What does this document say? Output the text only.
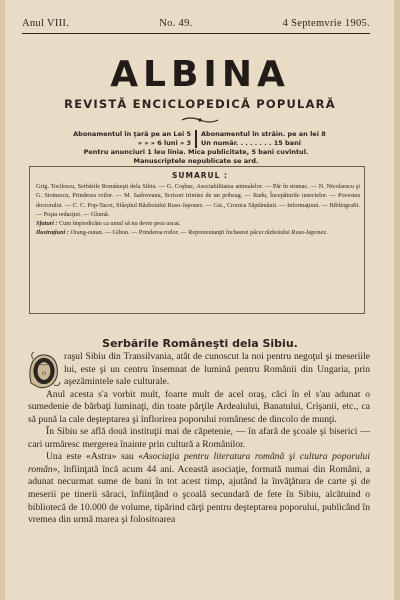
Anul VIII.	No. 49.	4 Septemvrie 1905.
ALBINA
REVISTĂ ENCICLOPEDICĂ POPULARĂ
Abonamentul în ţară pe an Lei 5	Abonamentul în străin. pe an lei 8
» » » 6 luni » 3	Un număr. . . . . . . . 15 bani
Pentru anunciuri 1 leu linia. Mica publicitate, 5 bani cuvîntul.
Manuscriptele nepublicate se ard.
SUMARUL :

Grig. Tocilescu, Serbările Româneşti dela Sibiu. — G. Coşbuc, Asociabilitatea animalelor. — Păr în stomac. — N. Nicolaescu şi G. Stoinescu, Prinderea roilor. — M. Sadoveanu, Scrisori trimise de un pribeag. — Radu, Începăturile insectelor. — Povestea doctorului. — C. C. Pop-Tacoi, Sfârşitul Războiului Ruso-Japonez. — Gst., Cronica Săptămânii. — Informaţiuni. — Bibliografii. — Poşta redacţiei. — Glumă.

Sfaturi : Cum împiedicăm ca untul să nu devie prea uscat.

Ilustraţiuni : Orang-outan. — Gibon. — Prinderea roilor. — Reprezentanţii încheerei păcei războiului Ruso-Japonez.

Serbările Româneşti dela Sibiu.
O

raşul Sibiu din Transilvania, atât de cunoscut la noi pentru negoţul şi meseriile lui, este şi un centru însemnat de lumină pentru Românii din Ungaria, prin aşezămintele sale culturale.

Anul acesta s'a vorbit mult, foarte mult de acel oraş, căci în el s'au adunat o sumedenie de bărbaţi luminaţi, din toate părţile Ardealului, Banatului, Crişanii, etc., ca să pună la cale deşteptarea şi înflorirea poporului românesc de dincolo de munţi.

În Sibiu se află două instituţii mai de căpetenie, — în afară de şcoale şi biserici — cari urmăresc mergerea înainte prin cultură a Românilor.

Una este «Astra» sau «Asociaţia pentru literatura română şi cultura poporului român», înfiinţată încă acum 44 ani. Această asociaţie, formată numai din Români, a adunat necurmat sume de bani în tot acest timp, ajutând la învăţătura de carte şi de meserii pe tinerii săraci, înfiinţând o şcoală secundară de fete în Sibiu, alcătuind o bibliotecă de 10.000 de volume, tipărind cărţi pentru deşteptarea poporului, publicând în vremea din urmă marea şi folositoarea
